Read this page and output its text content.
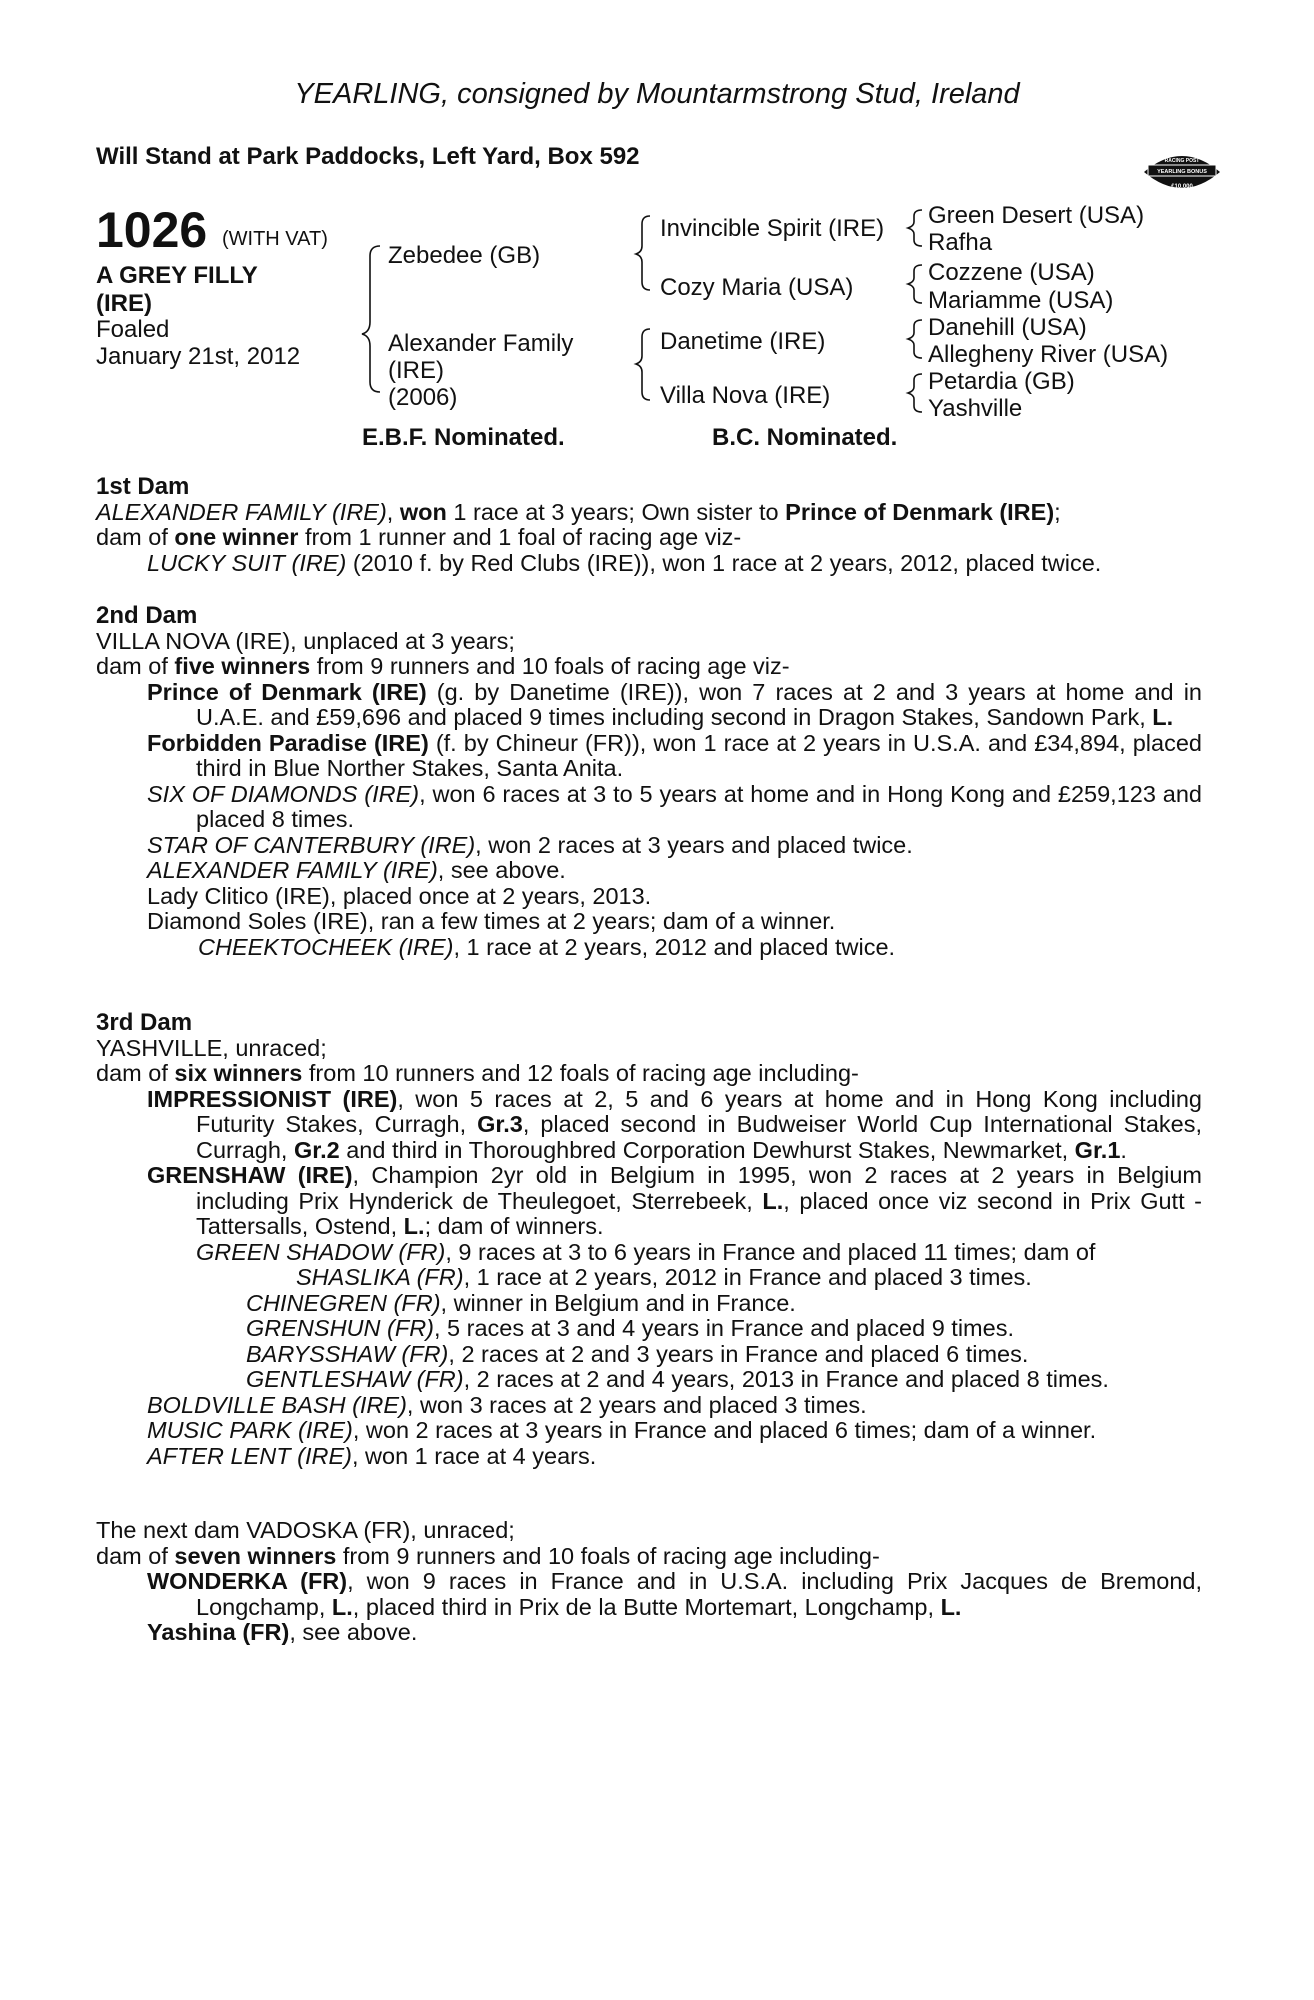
YEARLING, consigned by Mountarmstrong Stud, Ireland
Will Stand at Park Paddocks, Left Yard, Box 592	RACING POST
YEARLING BONUS
£10,000
1026 (WITH VAT)
A GREY FILLY
(IRE)
Foaled
January 21st, 2012
Zebedee (GB)
Alexander Family
(IRE)
(2006)
Invincible Spirit (IRE)
Cozy Maria (USA)
Danetime (IRE)
Villa Nova (IRE)
Green Desert (USA)
Rafha
Cozzene (USA)
Mariamme (USA)
Danehill (USA)
Allegheny River (USA)
Petardia (GB)
Yashville
E.B.F. Nominated.	B.C. Nominated.

1st Dam

ALEXANDER FAMILY (IRE), won 1 race at 3 years; Own sister to Prince of Denmark (IRE);

dam of one winner from 1 runner and 1 foal of racing age viz-

LUCKY SUIT (IRE) (2010 f. by Red Clubs (IRE)), won 1 race at 2 years, 2012, placed twice.

2nd Dam

VILLA NOVA (IRE), unplaced at 3 years;

dam of five winners from 9 runners and 10 foals of racing age viz-

Prince of Denmark (IRE) (g. by Danetime (IRE)), won 7 races at 2 and 3 years at home and in U.A.E. and £59,696 and placed 9 times including second in Dragon Stakes, Sandown Park, L.

Forbidden Paradise (IRE) (f. by Chineur (FR)), won 1 race at 2 years in U.S.A. and £34,894, placed third in Blue Norther Stakes, Santa Anita.

SIX OF DIAMONDS (IRE), won 6 races at 3 to 5 years at home and in Hong Kong and £259,123 and placed 8 times.

STAR OF CANTERBURY (IRE), won 2 races at 3 years and placed twice.

ALEXANDER FAMILY (IRE), see above.

Lady Clitico (IRE), placed once at 2 years, 2013.

Diamond Soles (IRE), ran a few times at 2 years; dam of a winner.

CHEEKTOCHEEK (IRE), 1 race at 2 years, 2012 and placed twice.

3rd Dam

YASHVILLE, unraced;

dam of six winners from 10 runners and 12 foals of racing age including-

IMPRESSIONIST (IRE), won 5 races at 2, 5 and 6 years at home and in Hong Kong including Futurity Stakes, Curragh, Gr.3, placed second in Budweiser World Cup International Stakes, Curragh, Gr.2 and third in Thoroughbred Corporation Dewhurst Stakes, Newmarket, Gr.1.

GRENSHAW (IRE), Champion 2yr old in Belgium in 1995, won 2 races at 2 years in Belgium including Prix Hynderick de Theulegoet, Sterrebeek, L., placed once viz second in Prix Gutt - Tattersalls, Ostend, L.; dam of winners.

GREEN SHADOW (FR), 9 races at 3 to 6 years in France and placed 11 times; dam of
SHASLIKA (FR), 1 race at 2 years, 2012 in France and placed 3 times.

CHINEGREN (FR), winner in Belgium and in France.

GRENSHUN (FR), 5 races at 3 and 4 years in France and placed 9 times.

BARYSSHAW (FR), 2 races at 2 and 3 years in France and placed 6 times.

GENTLESHAW (FR), 2 races at 2 and 4 years, 2013 in France and placed 8 times.

BOLDVILLE BASH (IRE), won 3 races at 2 years and placed 3 times.

MUSIC PARK (IRE), won 2 races at 3 years in France and placed 6 times; dam of a winner.

AFTER LENT (IRE), won 1 race at 4 years.

The next dam VADOSKA (FR), unraced;

dam of seven winners from 9 runners and 10 foals of racing age including-

WONDERKA (FR), won 9 races in France and in U.S.A. including Prix Jacques de Bremond, Longchamp, L., placed third in Prix de la Butte Mortemart, Longchamp, L.

Yashina (FR), see above.
